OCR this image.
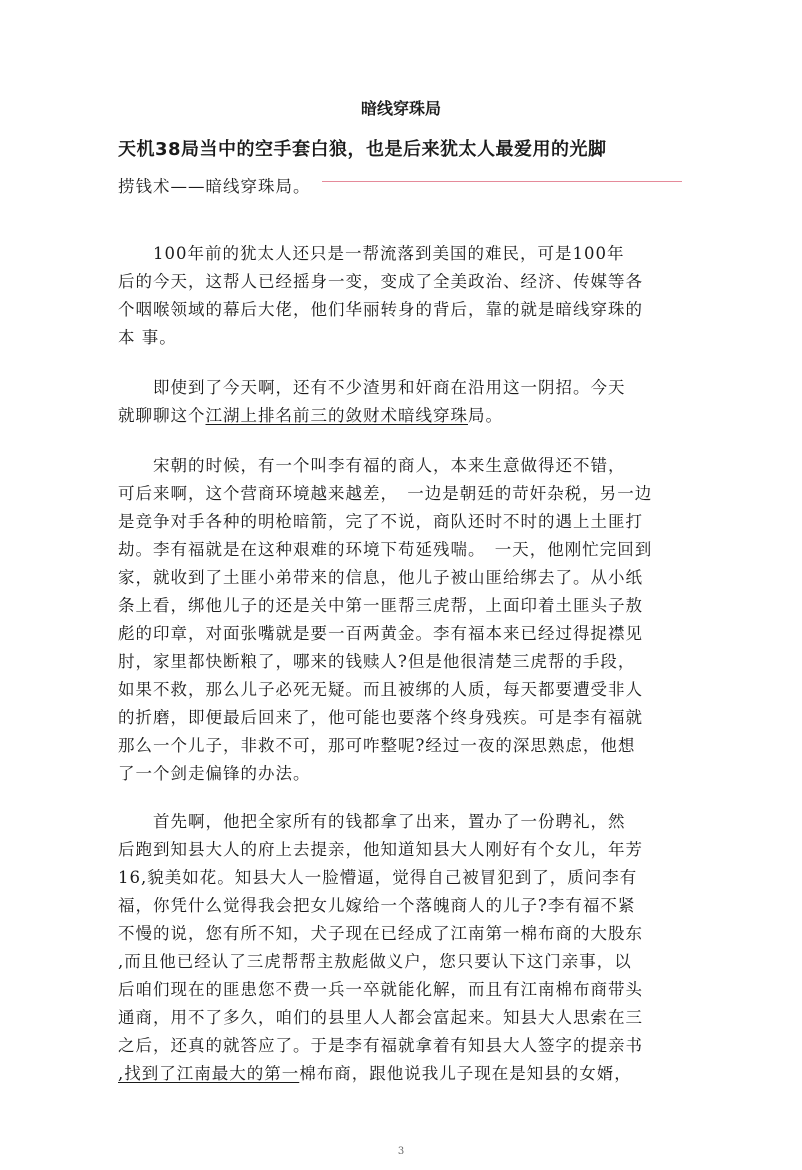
暗线穿珠局
天机38局当中的空手套白狼，也是后来犹太人最爱用的光脚
捞钱术——暗线穿珠局。
　　100年前的犹太人还只是一帮流落到美国的难民，可是100年
后的今天，这帮人已经摇身一变，变成了全美政治、经济、传媒等各
个咽喉领域的幕后大佬，他们华丽转身的背后，靠的就是暗线穿珠的
本 事。
　　即使到了今天啊，还有不少渣男和奸商在沿用这一阴招。今天
就聊聊这个江湖上排名前三的敛财术暗线穿珠局。
　　宋朝的时候，有一个叫李有福的商人，本来生意做得还不错，
可后来啊，这个营商环境越来越差，　一边是朝廷的苛奸杂税，另一边
是竞争对手各种的明枪暗箭，完了不说，商队还时不时的遇上土匪打
劫。李有福就是在这种艰难的环境下苟延残喘。　一天，他刚忙完回到
家，就收到了土匪小弟带来的信息，他儿子被山匪给绑去了。从小纸
条上看，绑他儿子的还是关中第一匪帮三虎帮，上面印着土匪头子敖
彪的印章，对面张嘴就是要一百两黄金。李有福本来已经过得捉襟见
肘，家里都快断粮了，哪来的钱赎人?但是他很清楚三虎帮的手段，
如果不救，那么儿子必死无疑。而且被绑的人质，每天都要遭受非人
的折磨，即便最后回来了，他可能也要落个终身残疾。可是李有福就
那么一个儿子，非救不可，那可咋整呢?经过一夜的深思熟虑，他想
了一个剑走偏锋的办法。
　　首先啊，他把全家所有的钱都拿了出来，置办了一份聘礼，然
后跑到知县大人的府上去提亲，他知道知县大人刚好有个女儿，年芳
16,貌美如花。知县大人一脸懵逼，觉得自己被冒犯到了，质问李有
福，你凭什么觉得我会把女儿嫁给一个落魄商人的儿子?李有福不紧
不慢的说，您有所不知，犬子现在已经成了江南第一棉布商的大股东
,而且他已经认了三虎帮帮主敖彪做义户，您只要认下这门亲事，以
后咱们现在的匪患您不费一兵一卒就能化解，而且有江南棉布商带头
通商，用不了多久，咱们的县里人人都会富起来。知县大人思索在三
之后，还真的就答应了。于是李有福就拿着有知县大人签字的提亲书
,找到了江南最大的第一棉布商，跟他说我儿子现在是知县的女婿，
3
